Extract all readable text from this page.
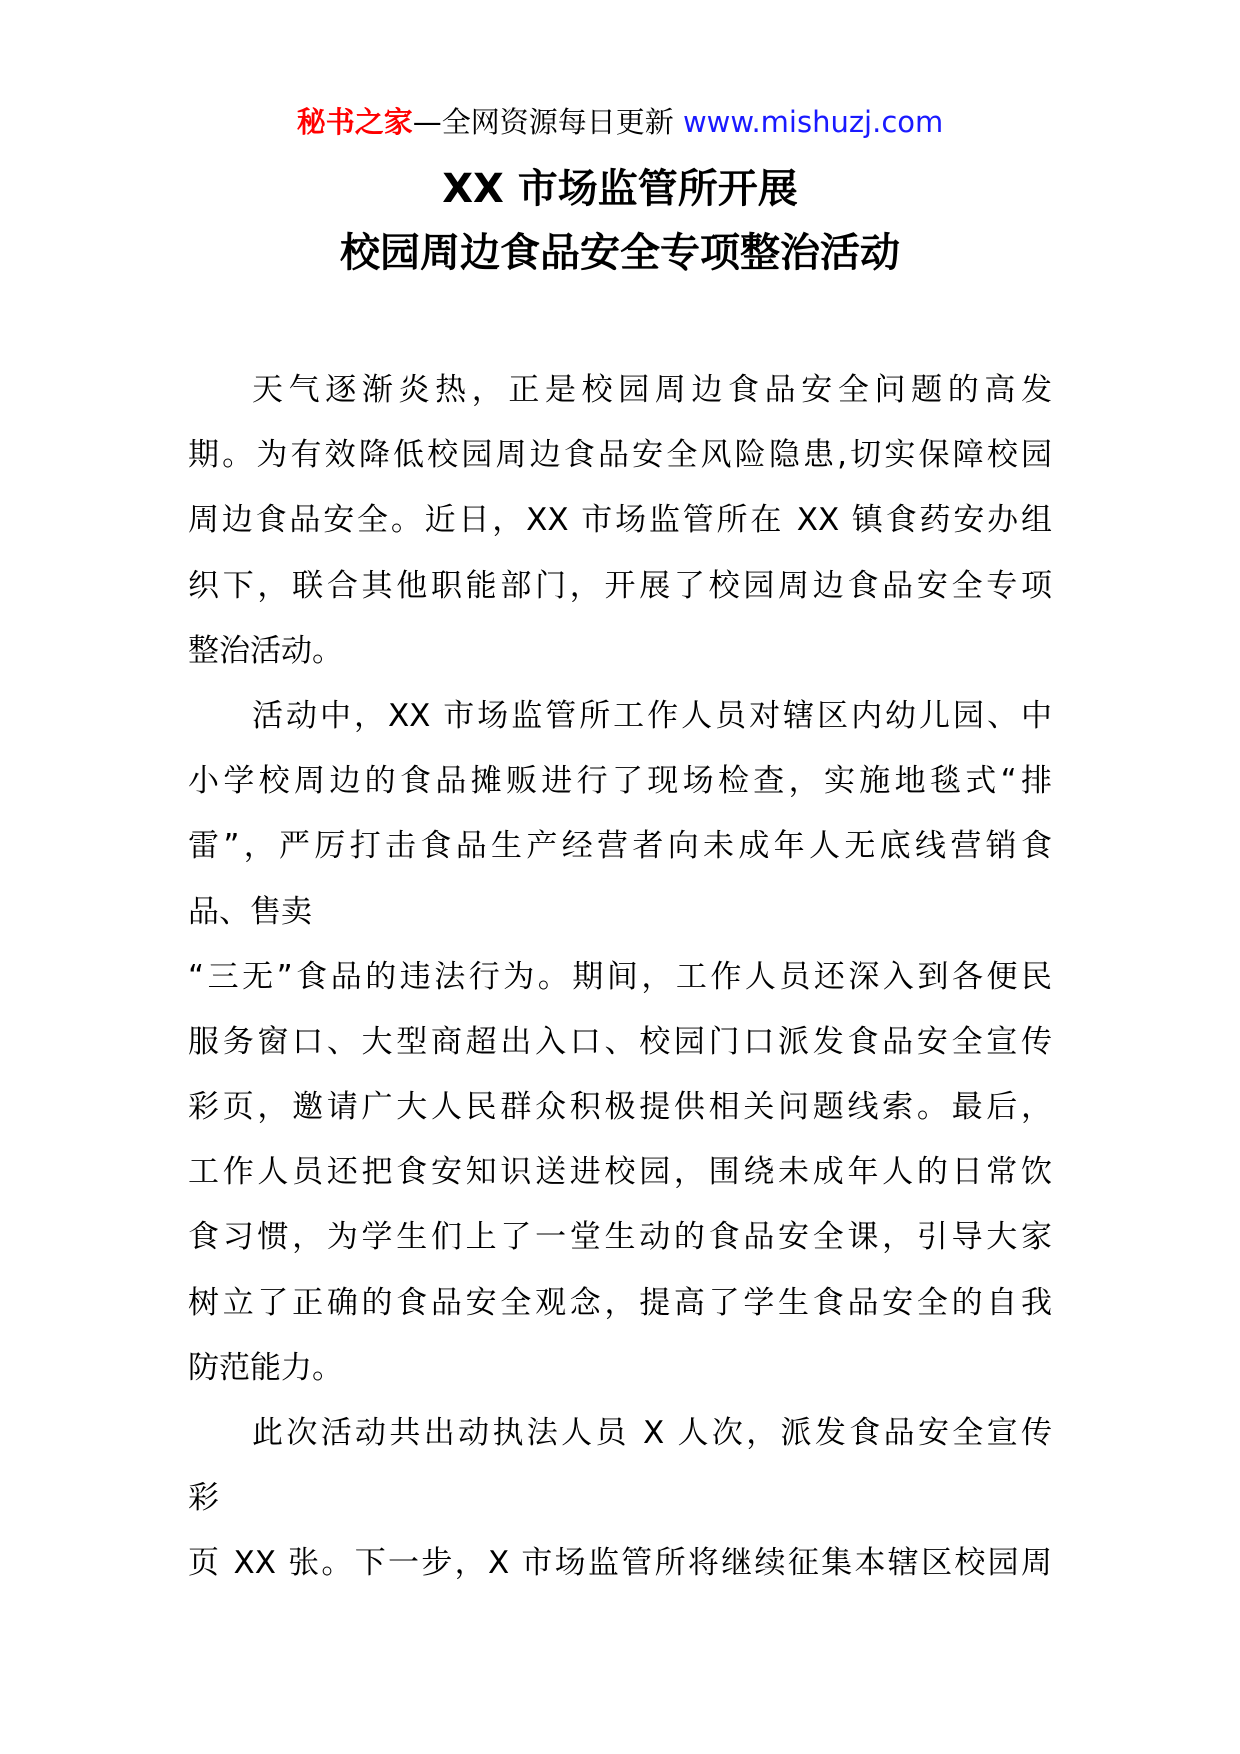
秘书之家—全网资源每日更新 www.mishuzj.com
XX 市场监管所开展
校园周边食品安全专项整治活动
天气逐渐炎热，正是校园周边食品安全问题的高发
期。为有效降低校园周边食品安全风险隐患,切实保障校园
周边食品安全。近日，XX 市场监管所在 XX 镇食药安办组
织下，联合其他职能部门，开展了校园周边食品安全专项
整治活动。
活动中，XX 市场监管所工作人员对辖区内幼儿园、中
小学校周边的食品摊贩进行了现场检查，实施地毯式“排
雷”，严厉打击食品生产经营者向未成年人无底线营销食
品、售卖
“三无”食品的违法行为。期间，工作人员还深入到各便民
服务窗口、大型商超出入口、校园门口派发食品安全宣传
彩页，邀请广大人民群众积极提供相关问题线索。最后，
工作人员还把食安知识送进校园，围绕未成年人的日常饮
食习惯，为学生们上了一堂生动的食品安全课，引导大家
树立了正确的食品安全观念，提高了学生食品安全的自我
防范能力。
此次活动共出动执法人员 X 人次，派发食品安全宣传
彩
页 XX 张。下一步，X 市场监管所将继续征集本辖区校园周
